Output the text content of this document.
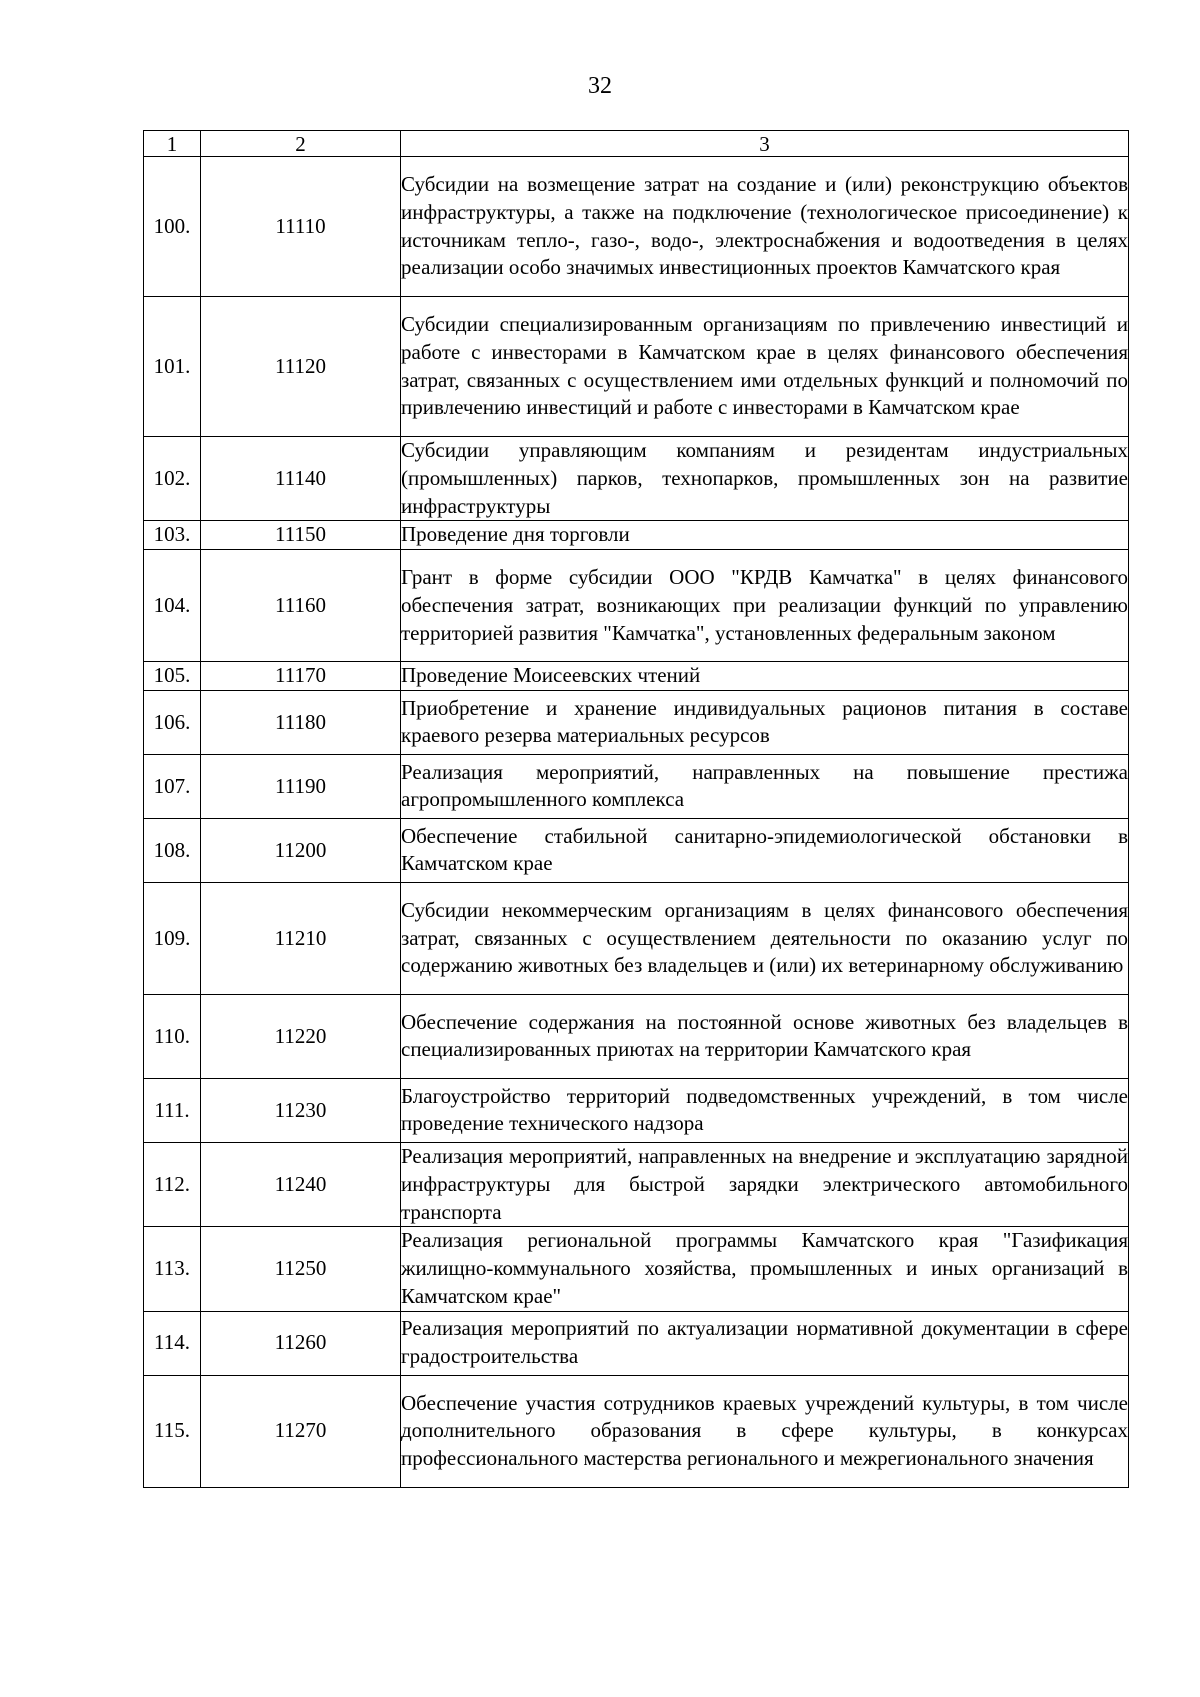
32
1	2	3
100.	11110	Субсидии на возмещение затрат на создание и (или) реконструкцию объектов инфраструктуры, а также на подключение (технологическое присоединение) к источникам тепло-, газо-, водо-, электроснабжения и водоотведения в целях реализации особо значимых инвестиционных проектов Камчатского края
101.	11120	Субсидии специализированным организациям по привлечению инвестиций и работе с инвесторами в Камчатском крае в целях финансового обеспечения затрат, связанных с осуществлением ими отдельных функций и полномочий по привлечению инвестиций и работе с инвесторами в Камчатском крае
102.	11140	Субсидии управляющим компаниям и резидентам индустриальных (промышленных) парков, технопарков, промышленных зон на развитие инфраструктуры
103.	11150	Проведение дня торговли
104.	11160	Грант в форме субсидии ООО "КРДВ Камчатка" в целях финансового обеспечения затрат, возникающих при реализации функций по управлению территорией развития "Камчатка", установленных федеральным законом
105.	11170	Проведение Моисеевских чтений
106.	11180	Приобретение и хранение индивидуальных рационов питания в составе краевого резерва материальных ресурсов
107.	11190	Реализация мероприятий, направленных на повышение престижа агропромышленного комплекса
108.	11200	Обеспечение стабильной санитарно-эпидемиологической обстановки в Камчатском крае
109.	11210	Субсидии некоммерческим организациям в целях финансового обеспечения затрат, связанных с осуществлением деятельности по оказанию услуг по содержанию животных без владельцев и (или) их ветеринарному обслуживанию
110.	11220	Обеспечение содержания на постоянной основе животных без владельцев в специализированных приютах на территории Камчатского края
111.	11230	Благоустройство территорий подведомственных учреждений, в том числе проведение технического надзора
112.	11240	Реализация мероприятий, направленных на внедрение и эксплуатацию зарядной инфраструктуры для быстрой зарядки электрического автомобильного транспорта
113.	11250	Реализация региональной программы Камчатского края "Газификация жилищно-коммунального хозяйства, промышленных и иных организаций в Камчатском крае"
114.	11260	Реализация мероприятий по актуализации нормативной документации в сфере градостроительства
115.	11270	Обеспечение участия сотрудников краевых учреждений культуры, в том числе дополнительного образования в сфере культуры, в конкурсах профессионального мастерства регионального и межрегионального значения
